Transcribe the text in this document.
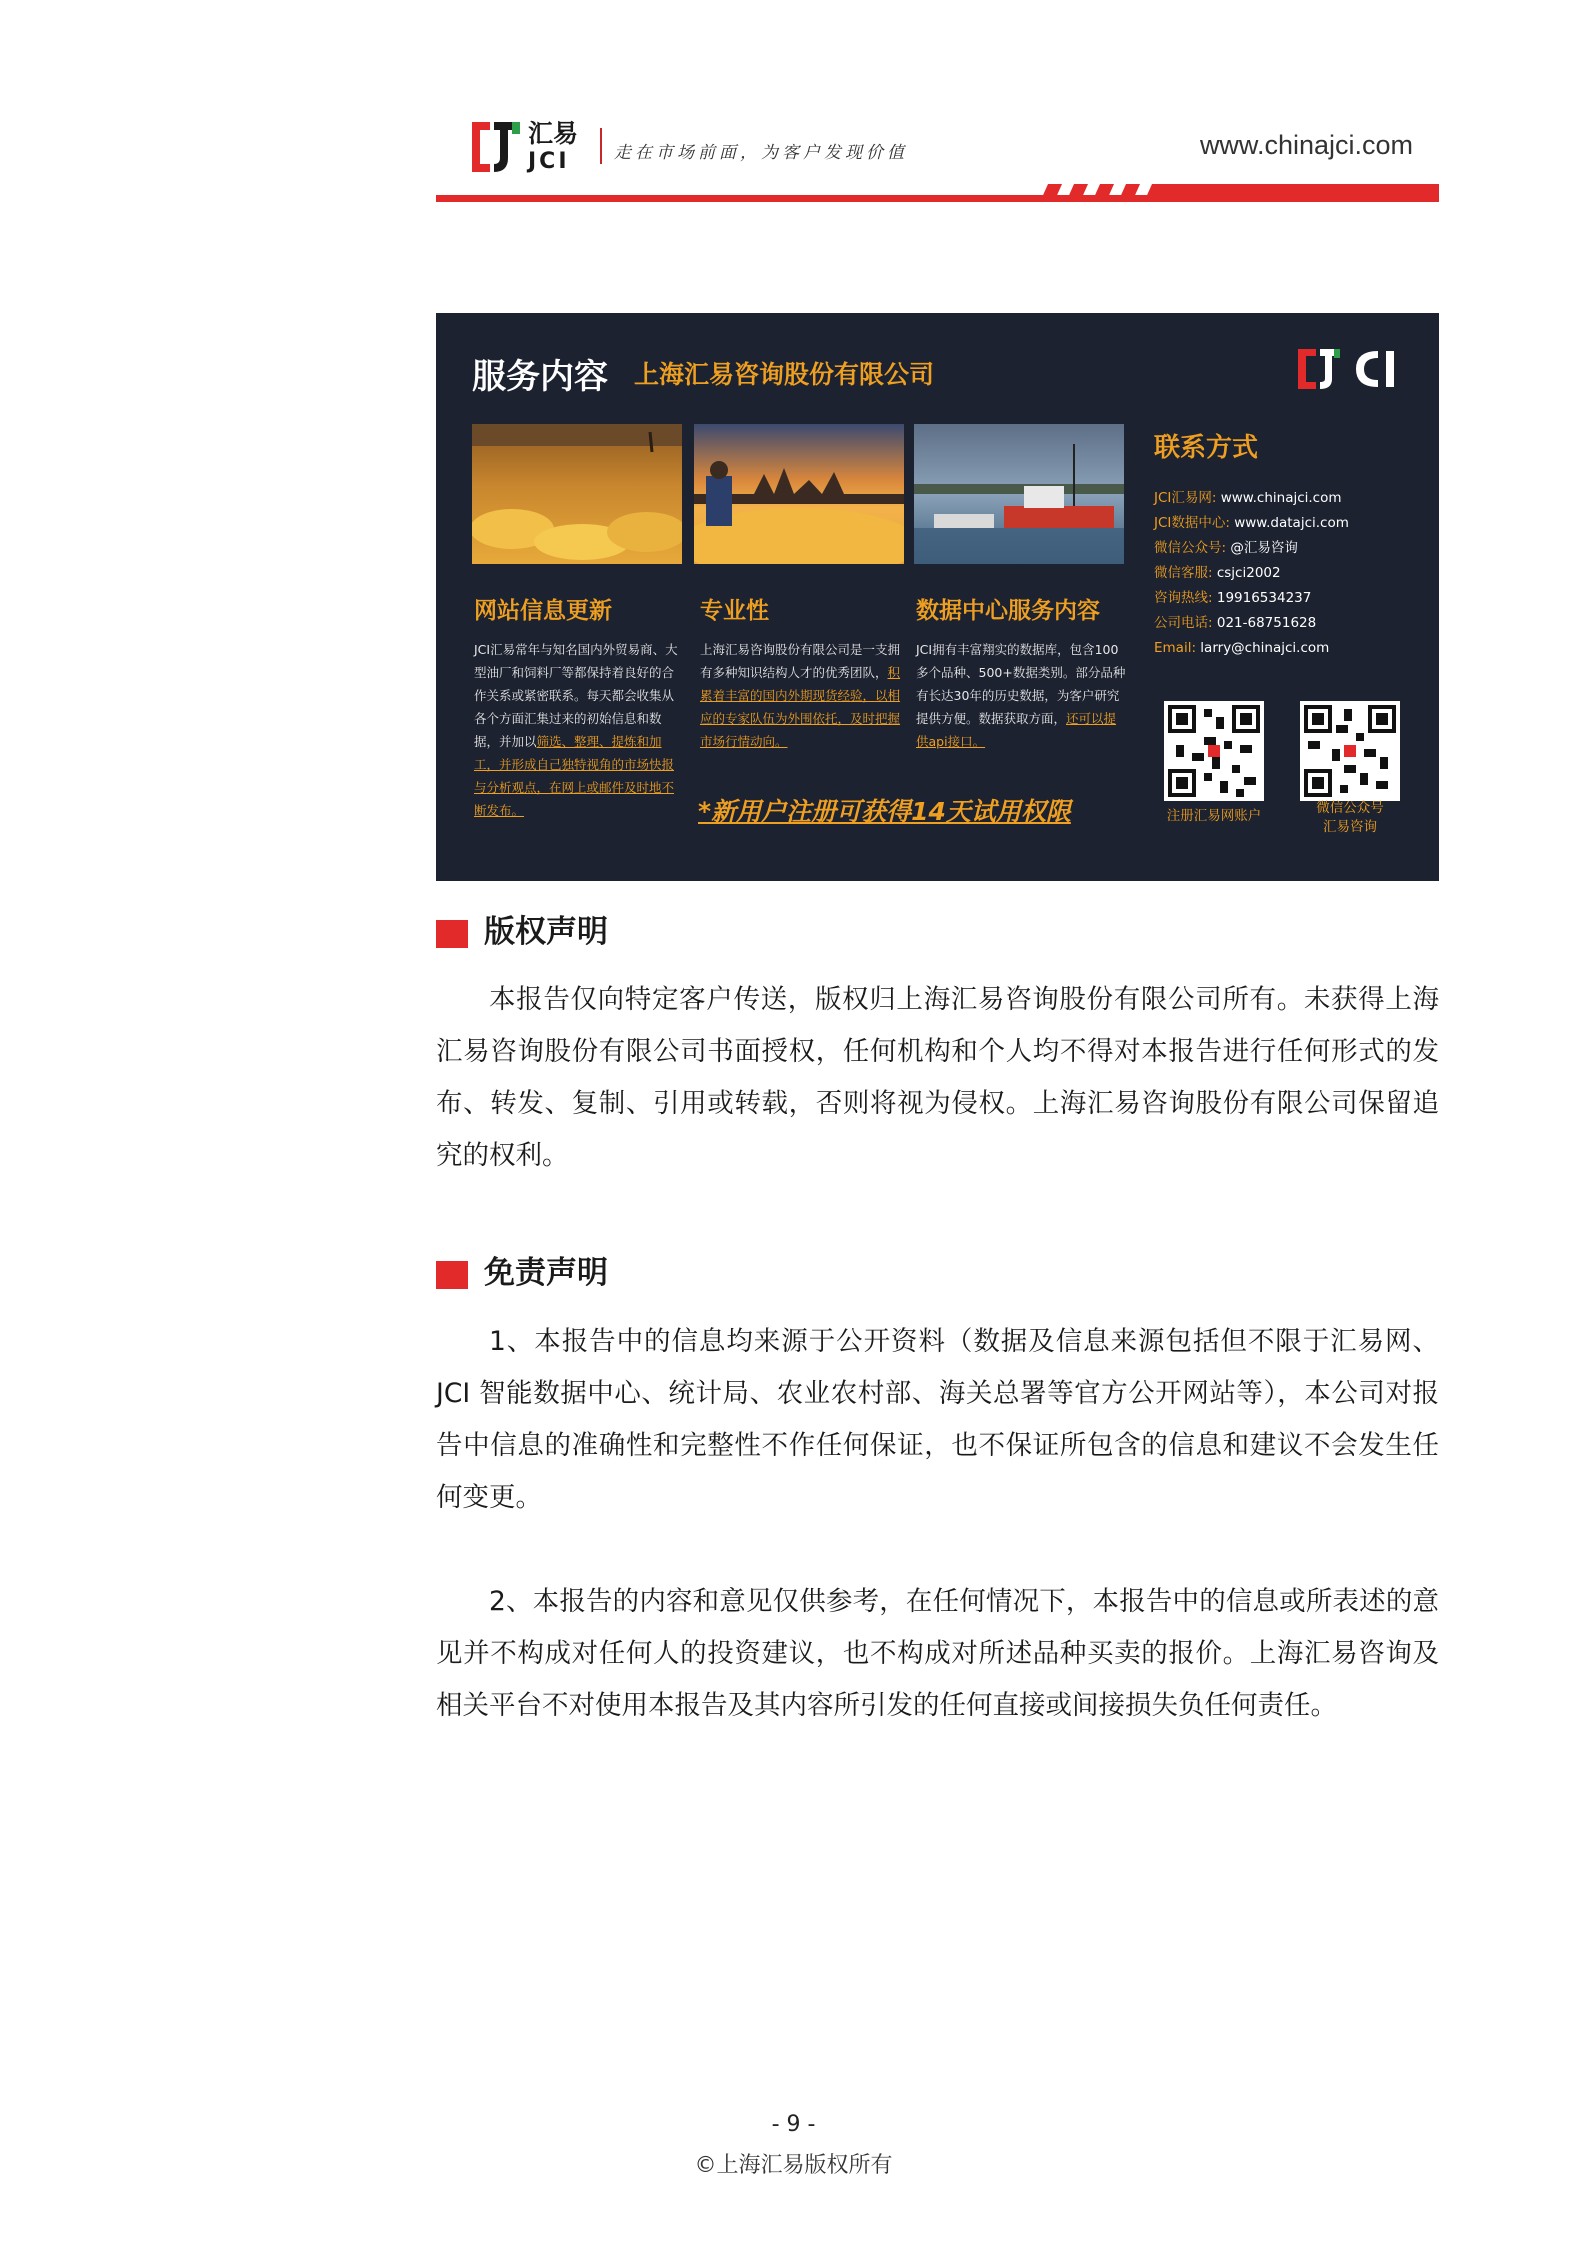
汇易
JCI	走在市场前面，为客户发现价值	www.chinajci.com
服务内容 上海汇易咨询股份有限公司
网站信息更新	专业性	数据中心服务内容
JCI汇易常年与知名国内外贸易商、大型油厂和饲料厂等都保持着良好的合作关系或紧密联系。每天都会收集从各个方面汇集过来的初始信息和数据，并加以筛选、整理、提炼和加工，并形成自己独特视角的市场快报与分析观点，在网上或邮件及时地不断发布。
上海汇易咨询股份有限公司是一支拥有多种知识结构人才的优秀团队，积累着丰富的国内外期现货经验，以相应的专家队伍为外围依托，及时把握市场行情动向。
JCI拥有丰富翔实的数据库，包含100多个品种、500+数据类别。部分品种有长达30年的历史数据，为客户研究提供方便。数据获取方面，还可以提供api接口。
*新用户注册可获得14天试用权限
联系方式
JCI汇易网: www.chinajci.com
JCI数据中心: www.datajci.com
微信公众号: @汇易咨询
微信客服: csjci2002
咨询热线: 19916534237
公司电话: 021-68751628
Email: larry@chinajci.com
注册汇易网账户	微信公众号
汇易咨询
版权声明
本报告仅向特定客户传送，版权归上海汇易咨询股份有限公司所有。未获得上海汇易咨询股份有限公司书面授权，任何机构和个人均不得对本报告进行任何形式的发布、转发、复制、引用或转载，否则将视为侵权。上海汇易咨询股份有限公司保留追究的权利。
免责声明
1、本报告中的信息均来源于公开资料（数据及信息来源包括但不限于汇易网、JCI 智能数据中心、统计局、农业农村部、海关总署等官方公开网站等），本公司对报告中信息的准确性和完整性不作任何保证，也不保证所包含的信息和建议不会发生任何变更。
2、本报告的内容和意见仅供参考，在任何情况下，本报告中的信息或所表述的意见并不构成对任何人的投资建议，也不构成对所述品种买卖的报价。上海汇易咨询及相关平台不对使用本报告及其内容所引发的任何直接或间接损失负任何责任。
- 9 -
©上海汇易版权所有
